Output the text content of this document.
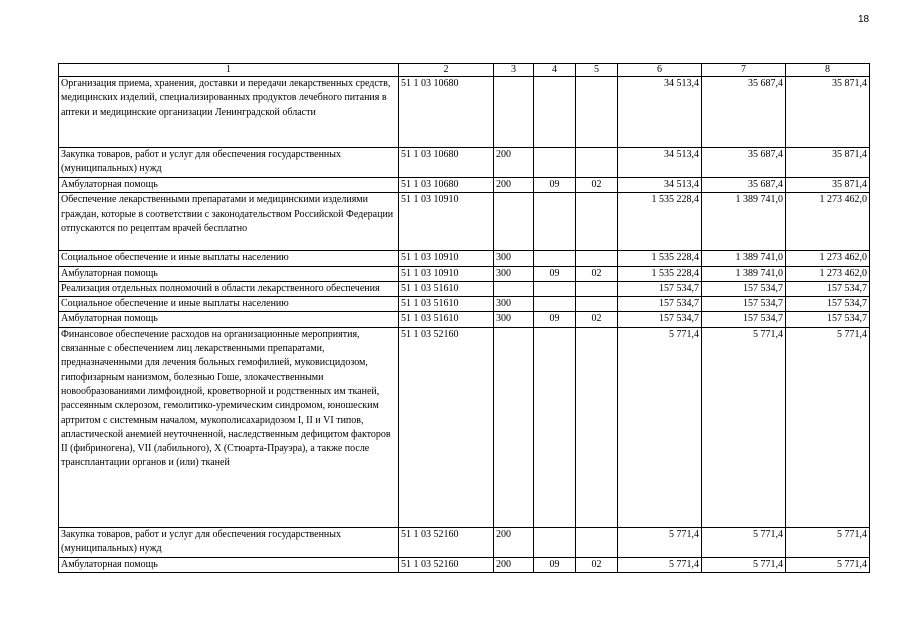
18
1	2	3	4	5	6	7	8
Организация приема, хранения, доставки и передачи лекарственных средств, медицинских изделий, специализированных продуктов лечебного питания в аптеки и медицинские организации Ленинградской области	51 1 03 10680				34 513,4	35 687,4	35 871,4
Закупка товаров, работ и услуг для обеспечения государственных (муниципальных) нужд	51 1 03 10680	200			34 513,4	35 687,4	35 871,4
Амбулаторная помощь	51 1 03 10680	200	09	02	34 513,4	35 687,4	35 871,4
Обеспечение лекарственными препаратами и медицинскими изделиями граждан, которые в соответствии с законодательством Российской Федерации отпускаются по рецептам врачей бесплатно	51 1 03 10910				1 535 228,4	1 389 741,0	1 273 462,0
Социальное обеспечение и иные выплаты населению	51 1 03 10910	300			1 535 228,4	1 389 741,0	1 273 462,0
Амбулаторная помощь	51 1 03 10910	300	09	02	1 535 228,4	1 389 741,0	1 273 462,0
Реализация отдельных полномочий в области лекарственного обеспечения	51 1 03 51610				157 534,7	157 534,7	157 534,7
Социальное обеспечение и иные выплаты населению	51 1 03 51610	300			157 534,7	157 534,7	157 534,7
Амбулаторная помощь	51 1 03 51610	300	09	02	157 534,7	157 534,7	157 534,7
Финансовое обеспечение расходов на организационные мероприятия, связанные с обеспечением лиц лекарственными препаратами, предназначенными для лечения больных гемофилией, муковисцидозом, гипофизарным нанизмом, болезнью Гоше, злокачественными новообразованиями лимфоидной, кроветворной и родственных им тканей, рассеянным склерозом, гемолитико-уремическим синдромом, юношеским артритом с системным началом, мукополисахаридозом I, II и VI типов, апластической анемией неуточненной, наследственным дефицитом факторов II (фибриногена), VII (лабильного), X (Стюарта-Прауэра), а также после трансплантации органов и (или) тканей	51 1 03 52160				5 771,4	5 771,4	5 771,4
Закупка товаров, работ и услуг для обеспечения государственных (муниципальных) нужд	51 1 03 52160	200			5 771,4	5 771,4	5 771,4
Амбулаторная помощь	51 1 03 52160	200	09	02	5 771,4	5 771,4	5 771,4
